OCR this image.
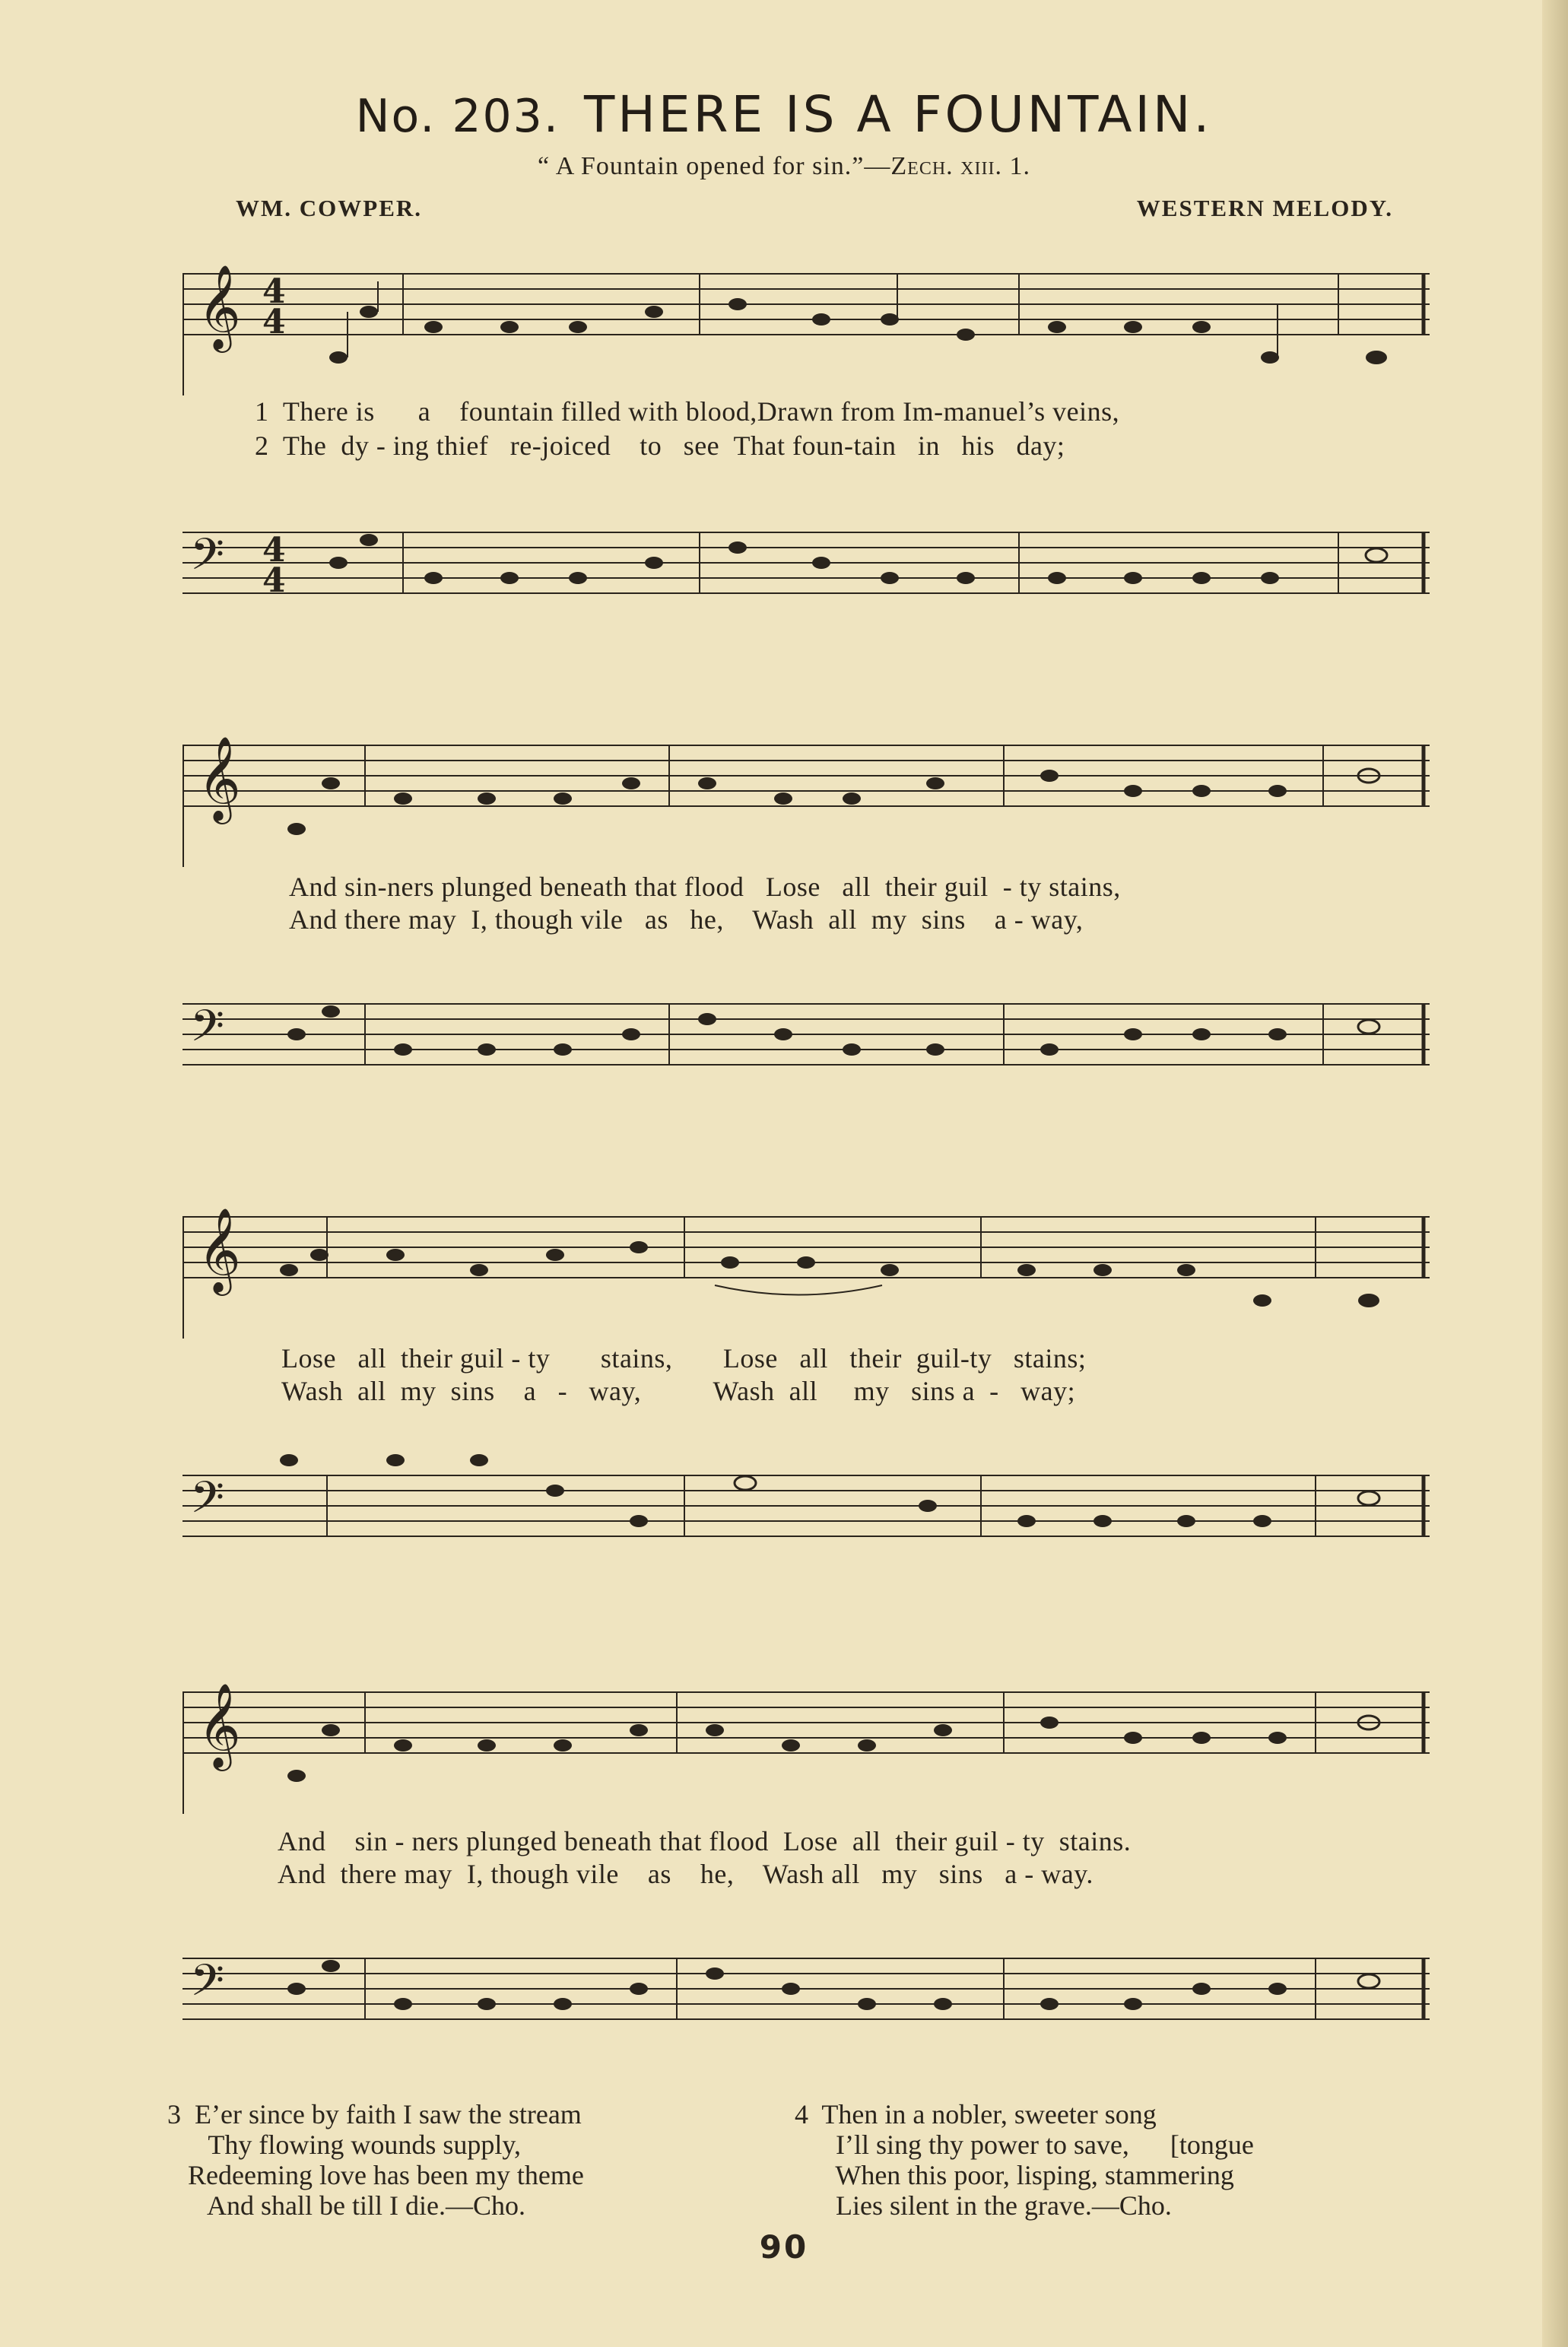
No. 203. THERE IS A FOUNTAIN.
“ A Fountain opened for sin.”—Zech. xiii. 1.
WM. COWPER.	WESTERN MELODY.
𝄞 4
4
1  There is      a    fountain filled with blood,Drawn from Im-manuel’s veins,
2  The  dy - ing thief   re-joiced    to   see  That foun-tain   in   his   day;
𝄢 4
4
𝄞
And sin-ners plunged beneath that flood   Lose   all  their guil  - ty stains,
And there may  I, though vile   as   he,    Wash  all  my  sins    a - way,
𝄢
𝄞
Lose   all  their guil - ty       stains,       Lose   all   their  guil-ty   stains;
Wash  all  my  sins    a   -   way,          Wash  all     my   sins a  -   way;
𝄢
𝄞
And    sin - ners plunged beneath that flood  Lose  all  their guil - ty  stains.
And  there may  I, though vile    as    he,    Wash all   my   sins   a - way.
𝄢
3  E’er since by faith I saw the stream
Thy flowing wounds supply,
Redeeming love has been my theme
And shall be till I die.—Cho.
4  Then in a nobler, sweeter song
I’ll sing thy power to save,      [tongue
When this poor, lisping, stammering
Lies silent in the grave.—Cho.
90
